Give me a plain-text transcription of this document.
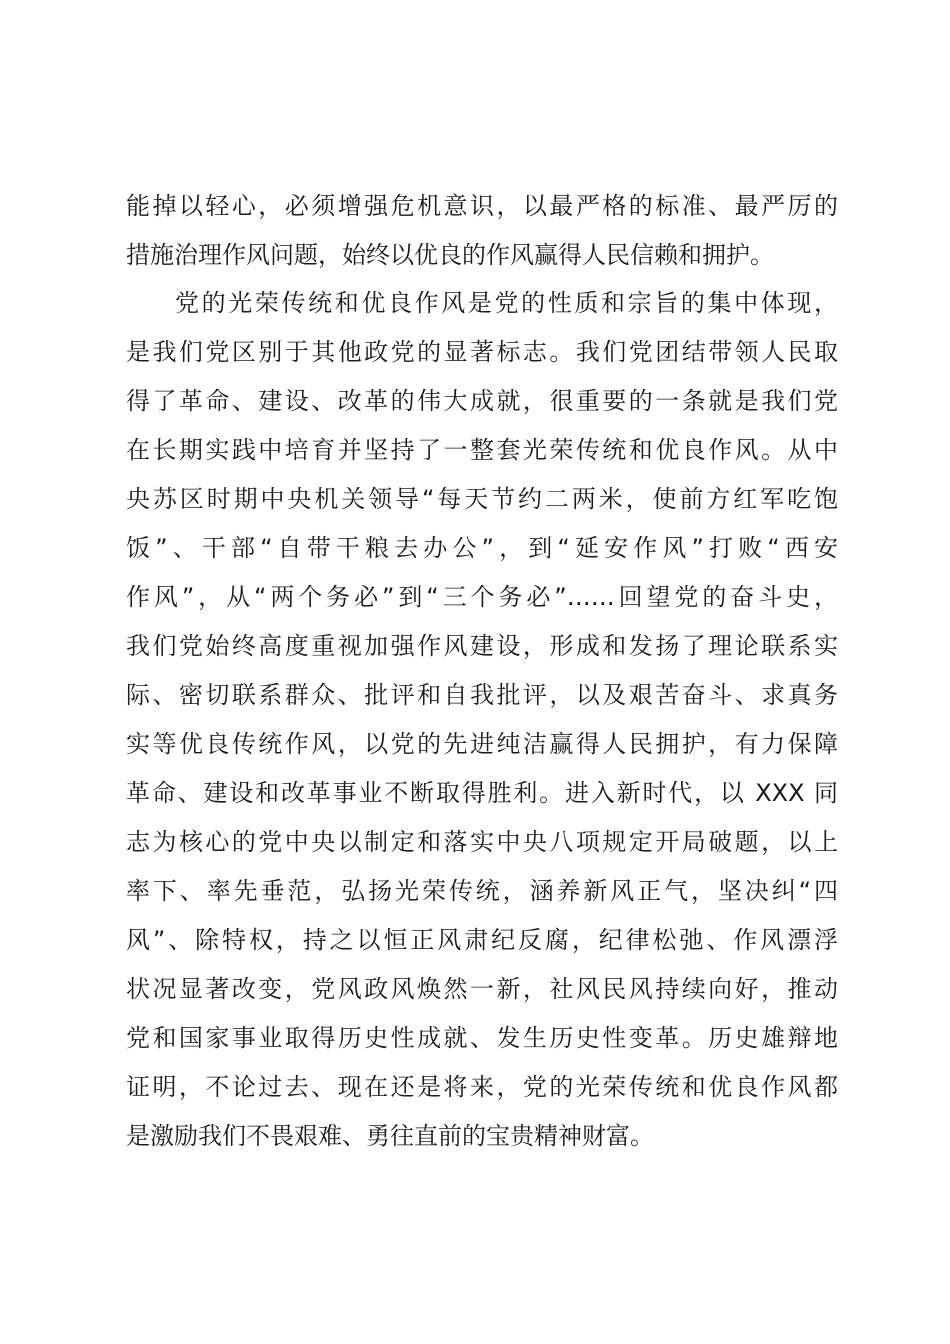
能掉以轻心，必须增强危机意识，以最严格的标准、最严厉的
措施治理作风问题，始终以优良的作风赢得人民信赖和拥护。
党的光荣传统和优良作风是党的性质和宗旨的集中体现，
是我们党区别于其他政党的显著标志。我们党团结带领人民取
得了革命、建设、改革的伟大成就，很重要的一条就是我们党
在长期实践中培育并坚持了一整套光荣传统和优良作风。从中
央苏区时期中央机关领导“每天节约二两米，使前方红军吃饱
饭”、干部“自带干粮去办公”，到“延安作风”打败“西安
作风”，从“两个务必”到“三个务必”……回望党的奋斗史，
我们党始终高度重视加强作风建设，形成和发扬了理论联系实
际、密切联系群众、批评和自我批评，以及艰苦奋斗、求真务
实等优良传统作风，以党的先进纯洁赢得人民拥护，有力保障
革命、建设和改革事业不断取得胜利。进入新时代，以 XXX 同
志为核心的党中央以制定和落实中央八项规定开局破题，以上
率下、率先垂范，弘扬光荣传统，涵养新风正气，坚决纠“四
风”、除特权，持之以恒正风肃纪反腐，纪律松弛、作风漂浮
状况显著改变，党风政风焕然一新，社风民风持续向好，推动
党和国家事业取得历史性成就、发生历史性变革。历史雄辩地
证明，不论过去、现在还是将来，党的光荣传统和优良作风都
是激励我们不畏艰难、勇往直前的宝贵精神财富。
